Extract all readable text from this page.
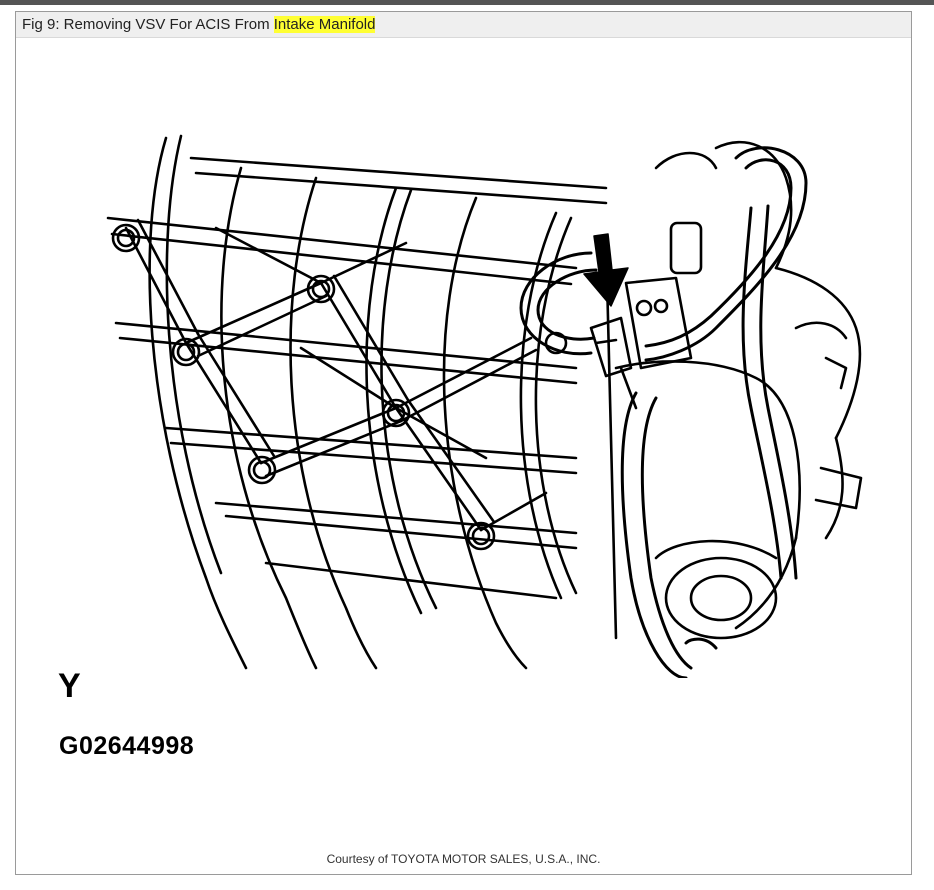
Fig 9: Removing VSV For ACIS From Intake Manifold
Y
G02644998
Courtesy of TOYOTA MOTOR SALES, U.S.A., INC.
